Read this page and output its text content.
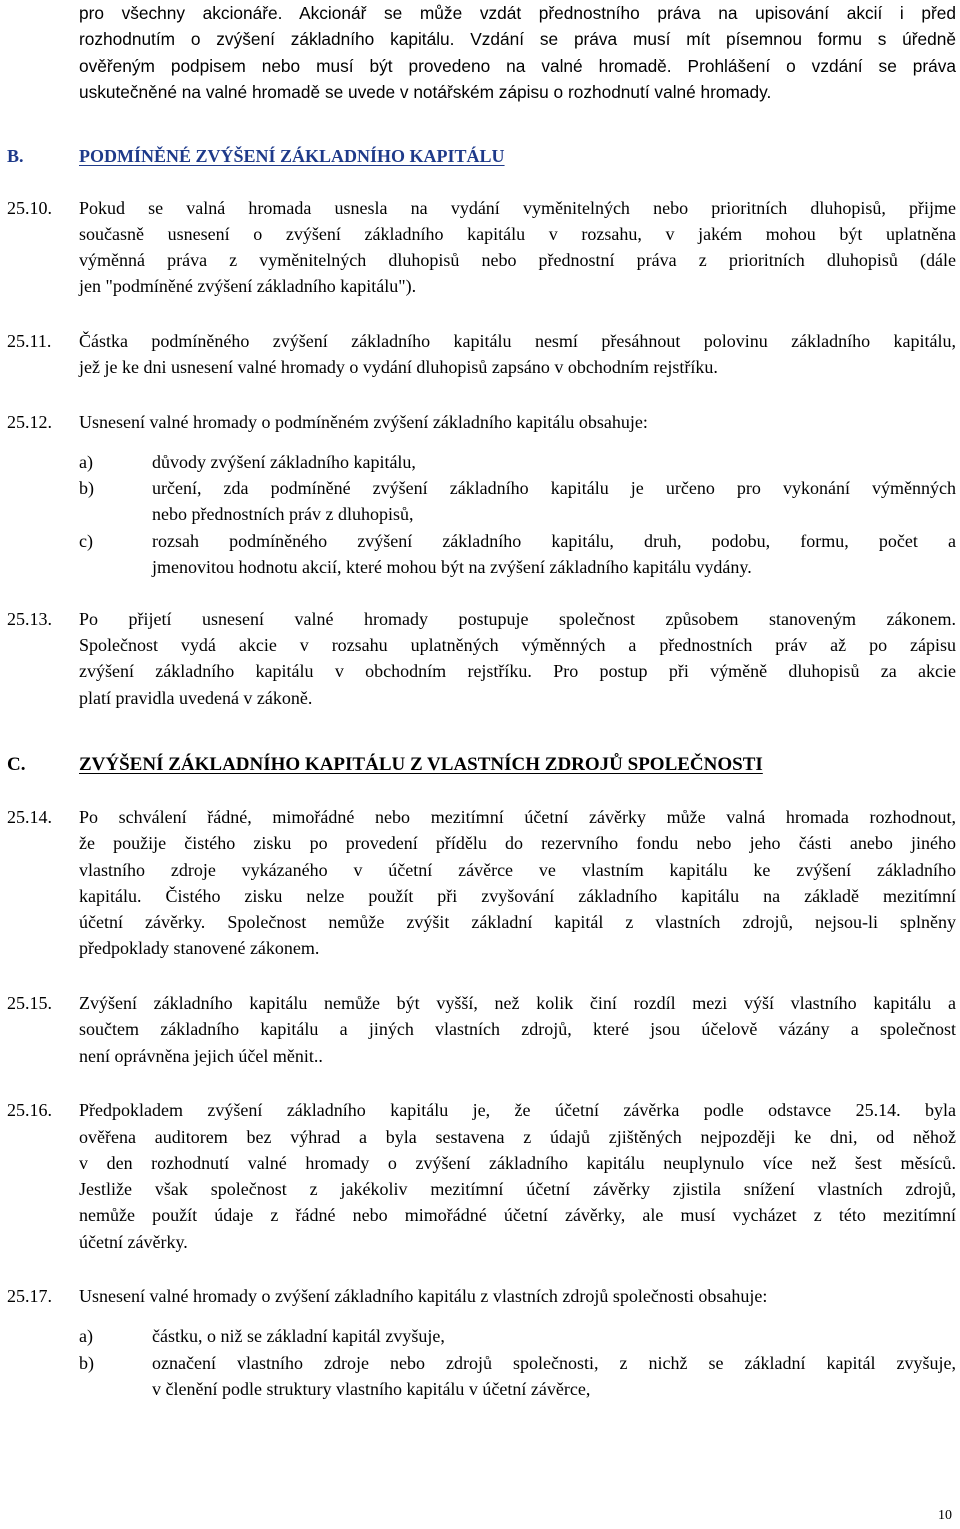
pro všechny akcionáře. Akcionář se může vzdát přednostního práva na upisování akcií i před

rozhodnutím o zvýšení základního kapitálu. Vzdání se práva musí mít písemnou formu s úředně

ověřeným podpisem nebo musí být provedeno na valné hromadě. Prohlášení o vzdání se práva

uskutečněné na valné hromadě se uvede v notářském zápisu o rozhodnutí valné hromady.

B.	PODMÍNĚNÉ ZVÝŠENÍ ZÁKLADNÍHO KAPITÁLU

25.10. Pokud se valná hromada usnesla na vydání vyměnitelných nebo prioritních dluhopisů, přijme

současně usnesení o zvýšení základního kapitálu v rozsahu, v jakém mohou být uplatněna

výměnná práva z vyměnitelných dluhopisů nebo přednostní práva z prioritních dluhopisů (dále

jen "podmíněné zvýšení základního kapitálu").

25.11. Částka podmíněného zvýšení základního kapitálu nesmí přesáhnout polovinu základního kapitálu,

jež je ke dni usnesení valné hromady o vydání dluhopisů zapsáno v obchodním rejstříku.

25.12. Usnesení valné hromady o podmíněném zvýšení základního kapitálu obsahuje:

a)	důvody zvýšení základního kapitálu,

b)	určení, zda podmíněné zvýšení základního kapitálu je určeno pro vykonání výměnných

nebo přednostních práv z dluhopisů,

c)	rozsah podmíněného zvýšení základního kapitálu, druh, podobu, formu, počet a

jmenovitou hodnotu akcií, které mohou být na zvýšení základního kapitálu vydány.

25.13. Po přijetí usnesení valné hromady postupuje společnost způsobem stanoveným zákonem.

Společnost vydá akcie v rozsahu uplatněných výměnných a přednostních práv až po zápisu

zvýšení základního kapitálu v obchodním rejstříku. Pro postup při výměně dluhopisů za akcie

platí pravidla uvedená v zákoně.

C.	ZVÝŠENÍ ZÁKLADNÍHO KAPITÁLU Z VLASTNÍCH ZDROJŮ SPOLEČNOSTI

25.14. Po schválení řádné, mimořádné nebo mezitímní účetní závěrky může valná hromada rozhodnout,

že použije čistého zisku po provedení přídělu do rezervního fondu nebo jeho části anebo jiného

vlastního zdroje vykázaného v účetní závěrce ve vlastním kapitálu ke zvýšení základního

kapitálu. Čistého zisku nelze použít při zvyšování základního kapitálu na základě mezitímní

účetní závěrky. Společnost nemůže zvýšit základní kapitál z vlastních zdrojů, nejsou-li splněny

předpoklady stanovené zákonem.

25.15. Zvýšení základního kapitálu nemůže být vyšší, než kolik činí rozdíl mezi výší vlastního kapitálu a

součtem základního kapitálu a jiných vlastních zdrojů, které jsou účelově vázány a společnost

není oprávněna jejich účel měnit..

25.16. Předpokladem zvýšení základního kapitálu je, že účetní závěrka podle odstavce 25.14. byla

ověřena auditorem bez výhrad a byla sestavena z údajů zjištěných nejpozději ke dni, od něhož

v den rozhodnutí valné hromady o zvýšení základního kapitálu neuplynulo více než šest měsíců.

Jestliže však společnost z jakékoliv mezitímní účetní závěrky zjistila snížení vlastních zdrojů,

nemůže použít údaje z řádné nebo mimořádné účetní závěrky, ale musí vycházet z této mezitímní

účetní závěrky.

25.17. Usnesení valné hromady o zvýšení základního kapitálu z vlastních zdrojů společnosti obsahuje:

a)	částku, o niž se základní kapitál zvyšuje,

b)	označení vlastního zdroje nebo zdrojů společnosti, z nichž se základní kapitál zvyšuje,

v členění podle struktury vlastního kapitálu v účetní závěrce,

10
